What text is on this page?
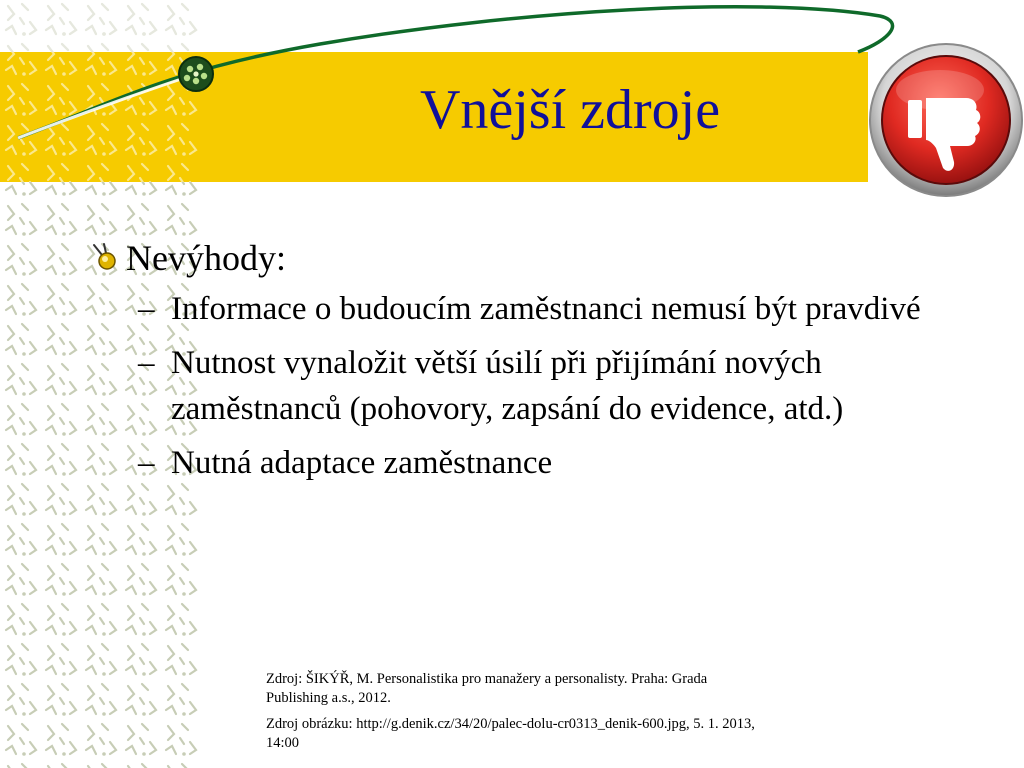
Vnější zdroje
Nevýhody:
– Informace o budoucím zaměstnanci nemusí být pravdivé
– Nutnost vynaložit větší úsilí při přijímání nových zaměstnanců (pohovory, zapsání do evidence, atd.)
– Nutná adaptace zaměstnance

Zdroj: ŠIKÝŘ, M. Personalistika pro manažery a personalisty. Praha: Grada Publishing a.s., 2012.

Zdroj obrázku: http://g.denik.cz/34/20/palec-dolu-cr0313_denik-600.jpg, 5. 1. 2013, 14:00
